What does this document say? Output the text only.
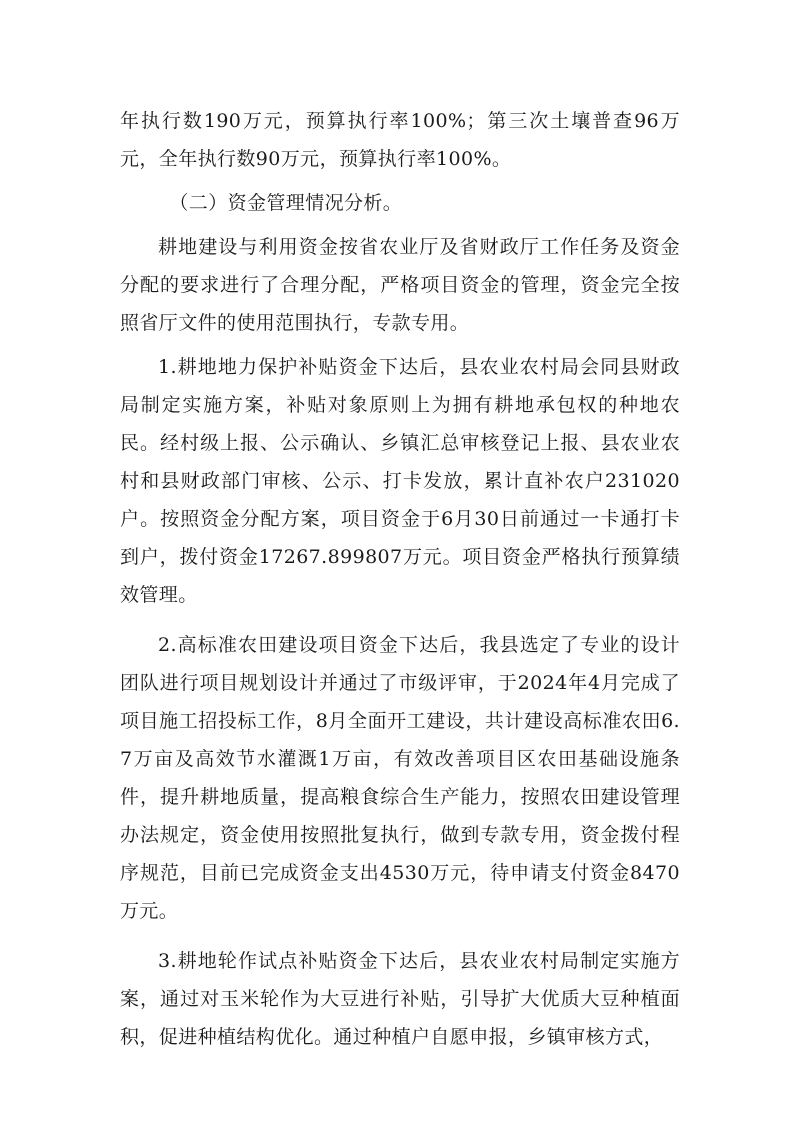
年执行数190万元，预算执行率100%；第三次土壤普查96万元，全年执行数90万元，预算执行率100%。

（二）资金管理情况分析。

耕地建设与利用资金按省农业厅及省财政厅工作任务及资金分配的要求进行了合理分配，严格项目资金的管理，资金完全按照省厅文件的使用范围执行，专款专用。

1.耕地地力保护补贴资金下达后，县农业农村局会同县财政局制定实施方案，补贴对象原则上为拥有耕地承包权的种地农民。经村级上报、公示确认、乡镇汇总审核登记上报、县农业农村和县财政部门审核、公示、打卡发放，累计直补农户231020户。按照资金分配方案，项目资金于6月30日前通过一卡通打卡到户，拨付资金17267.899807万元。项目资金严格执行预算绩效管理。

2.高标准农田建设项目资金下达后，我县选定了专业的设计团队进行项目规划设计并通过了市级评审，于2024年4月完成了项目施工招投标工作，8月全面开工建设，共计建设高标准农田6.7万亩及高效节水灌溉1万亩，有效改善项目区农田基础设施条件，提升耕地质量，提高粮食综合生产能力，按照农田建设管理办法规定，资金使用按照批复执行，做到专款专用，资金拨付程序规范，目前已完成资金支出4530万元，待申请支付资金8470万元。

3.耕地轮作试点补贴资金下达后，县农业农村局制定实施方案，通过对玉米轮作为大豆进行补贴，引导扩大优质大豆种植面积，促进种植结构优化。通过种植户自愿申报，乡镇审核方式，
